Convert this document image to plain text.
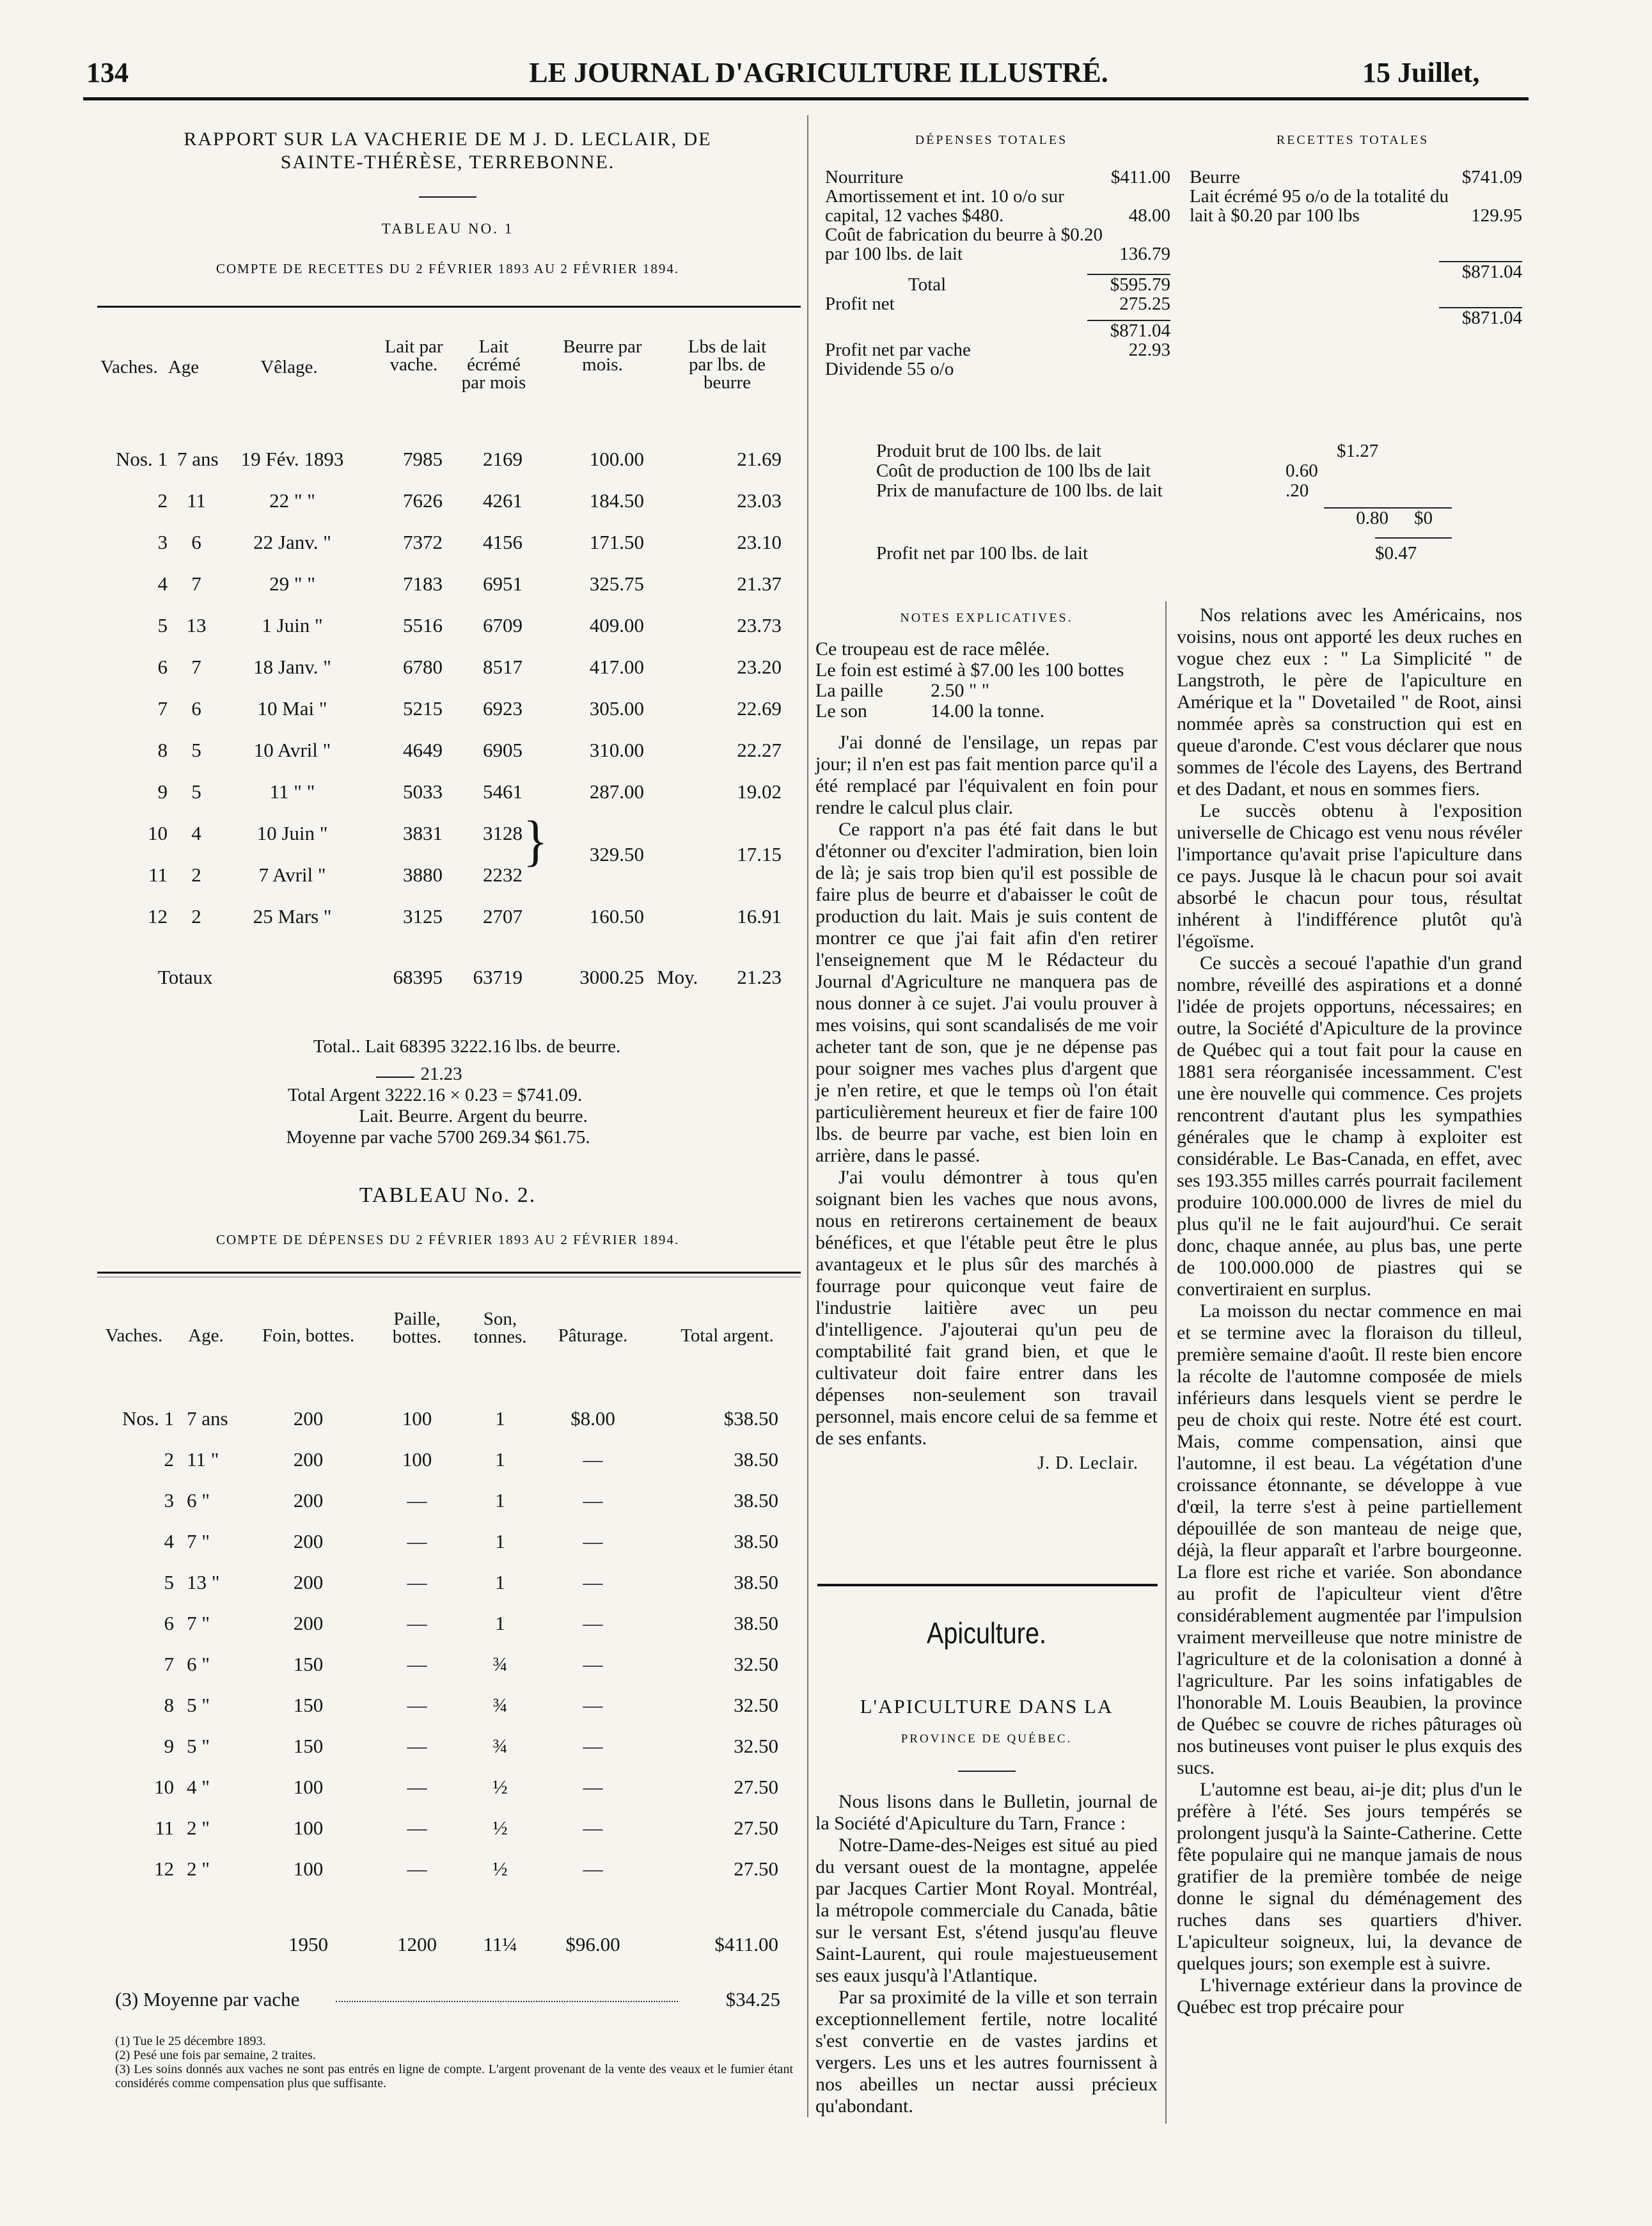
134	LE JOURNAL D'AGRICULTURE ILLUSTRÉ.	15 Juillet,
RAPPORT SUR LA VACHERIE DE M J. D. LECLAIR, DE
SAINTE-THÉRÈSE, TERREBONNE.
TABLEAU NO. 1
COMPTE DE RECETTES DU 2 FÉVRIER 1893 AU 2 FÉVRIER 1894.
Vaches. Age	Vêlage.
Lait par vache.
Lait écrémé par mois
Beurre par mois.
Lbs de lait par lbs. de beurre
Nos. 1 7 ans	19 Fév. 1893	7985	2169	100.00	21.69
2 11	22 " "	7626	4261	184.50	23.03
3	6	22 Janv. "	7372	4156	171.50	23.10
4	7	29 " "	7183	6951	325.75	21.37
5 13	1 Juin "	5516	6709	409.00	23.73
6	7	18 Janv. "	6780	8517	417.00	23.20
7	6	10 Mai "	5215	6923	305.00	22.69
8	5	10 Avril "	4649	6905	310.00	22.27
9	5	11 " "	5033	5461	287.00	19.02
10	4	10 Juin "	3831	3128
11	2	7 Avril "	3880	2232
329.50	17.15
12	2	25 Mars "	3125	2707	160.50	16.91
}
Totaux	68395	63719	3000.25 Moy.	21.23
Total.. Lait 68395 3222.16 lbs. de beurre.
21.23
Total Argent 3222.16 × 0.23 = $741.09.
Lait. Beurre. Argent du beurre.
Moyenne par vache 5700 269.34 $61.75.
TABLEAU No. 2.
COMPTE DE DÉPENSES DU 2 FÉVRIER 1893 AU 2 FÉVRIER 1894.
Vaches.	Age.	Foin, bottes.
Paille, bottes.
Son, tonnes.	Pâturage.	Total argent.
Nos. 1 7 ans	200	100	1	$8.00	$38.50
2 11 "	200	100	1	—	38.50
3 6 "	200	—	1	—	38.50
4 7 "	200	—	1	—	38.50
5 13 "	200	—	1	—	38.50
6 7 "	200	—	1	—	38.50
7 6 "	150	—	¾	—	32.50
8 5 "	150	—	¾	—	32.50
9 5 "	150	—	¾	—	32.50
10 4 "	100	—	½	—	27.50
11 2 "	100	—	½	—	27.50
12 2 "	100	—	½	—	27.50
1950	1200	11¼	$96.00	$411.00
(3) Moyenne par vache	$34.25
(1) Tue le 25 décembre 1893.
(2) Pesé une fois par semaine, 2 traites.
(3) Les soins donnés aux vaches ne sont pas entrés en ligne de compte. L'argent provenant de la vente des veaux et le fumier étant considérés comme compensation plus que suffisante.
DÉPENSES TOTALES	RECETTES TOTALES
Nourriture	$411.00
Amortissement et int. 10 o/o sur capital, 12 vaches $480.	48.00
Coût de fabrication du beurre à $0.20 par 100 lbs. de lait	136.79
Total	$595.79
Profit net	275.25
$871.04
Profit net par vache	22.93
Dividende 55 o/o
Beurre	$741.09
Lait écrémé 95 o/o de la totalité du lait à $0.20 par 100 lbs	129.95
$871.04
$871.04
Produit brut de 100 lbs. de lait	$1.27
Coût de production de 100 lbs de lait	0.60
Prix de manufacture de 100 lbs. de lait	.20
0.80 $0
Profit net par 100 lbs. de lait	$0.47
NOTES EXPLICATIVES.

Ce troupeau est de race mêlée.

Le foin est estimé à $7.00 les 100 bottes
La paille	2.50 " "
Le son	14.00 la tonne.

J'ai donné de l'ensilage, un repas par jour; il n'en est pas fait mention parce qu'il a été remplacé par l'équivalent en foin pour rendre le calcul plus clair.

Ce rapport n'a pas été fait dans le but d'étonner ou d'exciter l'admiration, bien loin de là; je sais trop bien qu'il est possible de faire plus de beurre et d'abaisser le coût de production du lait. Mais je suis content de montrer ce que j'ai fait afin d'en retirer l'enseignement que M le Rédacteur du Journal d'Agriculture ne manquera pas de nous donner à ce sujet. J'ai voulu prouver à mes voisins, qui sont scandalisés de me voir acheter tant de son, que je ne dépense pas pour soigner mes vaches plus d'argent que je n'en retire, et que le temps où l'on était particulièrement heureux et fier de faire 100 lbs. de beurre par vache, est bien loin en arrière, dans le passé.

J'ai voulu démontrer à tous qu'en soignant bien les vaches que nous avons, nous en retirerons certainement de beaux bénéfices, et que l'étable peut être le plus avantageux et le plus sûr des marchés à fourrage pour quiconque veut faire de l'industrie laitière avec un peu d'intelligence. J'ajouterai qu'un peu de comptabilité fait grand bien, et que le cultivateur doit faire entrer dans les dépenses non-seulement son travail personnel, mais encore celui de sa femme et de ses enfants.

J. D. Leclair.
Apiculture.
L'APICULTURE DANS LA
PROVINCE DE QUÉBEC.

Nous lisons dans le Bulletin, journal de la Société d'Apiculture du Tarn, France :

Notre-Dame-des-Neiges est situé au pied du versant ouest de la montagne, appelée par Jacques Cartier Mont Royal. Montréal, la métropole commerciale du Canada, bâtie sur le versant Est, s'étend jusqu'au fleuve Saint-Laurent, qui roule majestueusement ses eaux jusqu'à l'Atlantique.

Par sa proximité de la ville et son terrain exceptionnellement fertile, notre localité s'est convertie en de vastes jardins et vergers. Les uns et les autres fournissent à nos abeilles un nectar aussi précieux qu'abondant.

Nos relations avec les Américains, nos voisins, nous ont apporté les deux ruches en vogue chez eux : " La Simplicité " de Langstroth, le père de l'apiculture en Amérique et la " Dovetailed " de Root, ainsi nommée après sa construction qui est en queue d'aronde. C'est vous déclarer que nous sommes de l'école des Layens, des Bertrand et des Dadant, et nous en sommes fiers.

Le succès obtenu à l'exposition universelle de Chicago est venu nous révéler l'importance qu'avait prise l'apiculture dans ce pays. Jusque là le chacun pour soi avait absorbé le chacun pour tous, résultat inhérent à l'indifférence plutôt qu'à l'égoïsme.

Ce succès a secoué l'apathie d'un grand nombre, réveillé des aspirations et a donné l'idée de projets opportuns, nécessaires; en outre, la Société d'Apiculture de la province de Québec qui a tout fait pour la cause en 1881 sera réorganisée incessamment. C'est une ère nouvelle qui commence. Ces projets rencontrent d'autant plus les sympathies générales que le champ à exploiter est considérable. Le Bas-Canada, en effet, avec ses 193.355 milles carrés pourrait facilement produire 100.000.000 de livres de miel du plus qu'il ne le fait aujourd'hui. Ce serait donc, chaque année, au plus bas, une perte de 100.000.000 de piastres qui se convertiraient en surplus.

La moisson du nectar commence en mai et se termine avec la floraison du tilleul, première semaine d'août. Il reste bien encore la récolte de l'automne composée de miels inférieurs dans lesquels vient se perdre le peu de choix qui reste. Notre été est court. Mais, comme compensation, ainsi que l'automne, il est beau. La végétation d'une croissance étonnante, se développe à vue d'œil, la terre s'est à peine partiellement dépouillée de son manteau de neige que, déjà, la fleur apparaît et l'arbre bourgeonne. La flore est riche et variée. Son abondance au profit de l'apiculteur vient d'être considérablement augmentée par l'impulsion vraiment merveilleuse que notre ministre de l'agriculture et de la colonisation a donné à l'agriculture. Par les soins infatigables de l'honorable M. Louis Beaubien, la province de Québec se couvre de riches pâturages où nos butineuses vont puiser le plus exquis des sucs.

L'automne est beau, ai-je dit; plus d'un le préfère à l'été. Ses jours tempérés se prolongent jusqu'à la Sainte-Catherine. Cette fête populaire qui ne manque jamais de nous gratifier de la première tombée de neige donne le signal du déménagement des ruches dans ses quartiers d'hiver. L'apiculteur soigneux, lui, la devance de quelques jours; son exemple est à suivre.

L'hivernage extérieur dans la province de Québec est trop précaire pour
